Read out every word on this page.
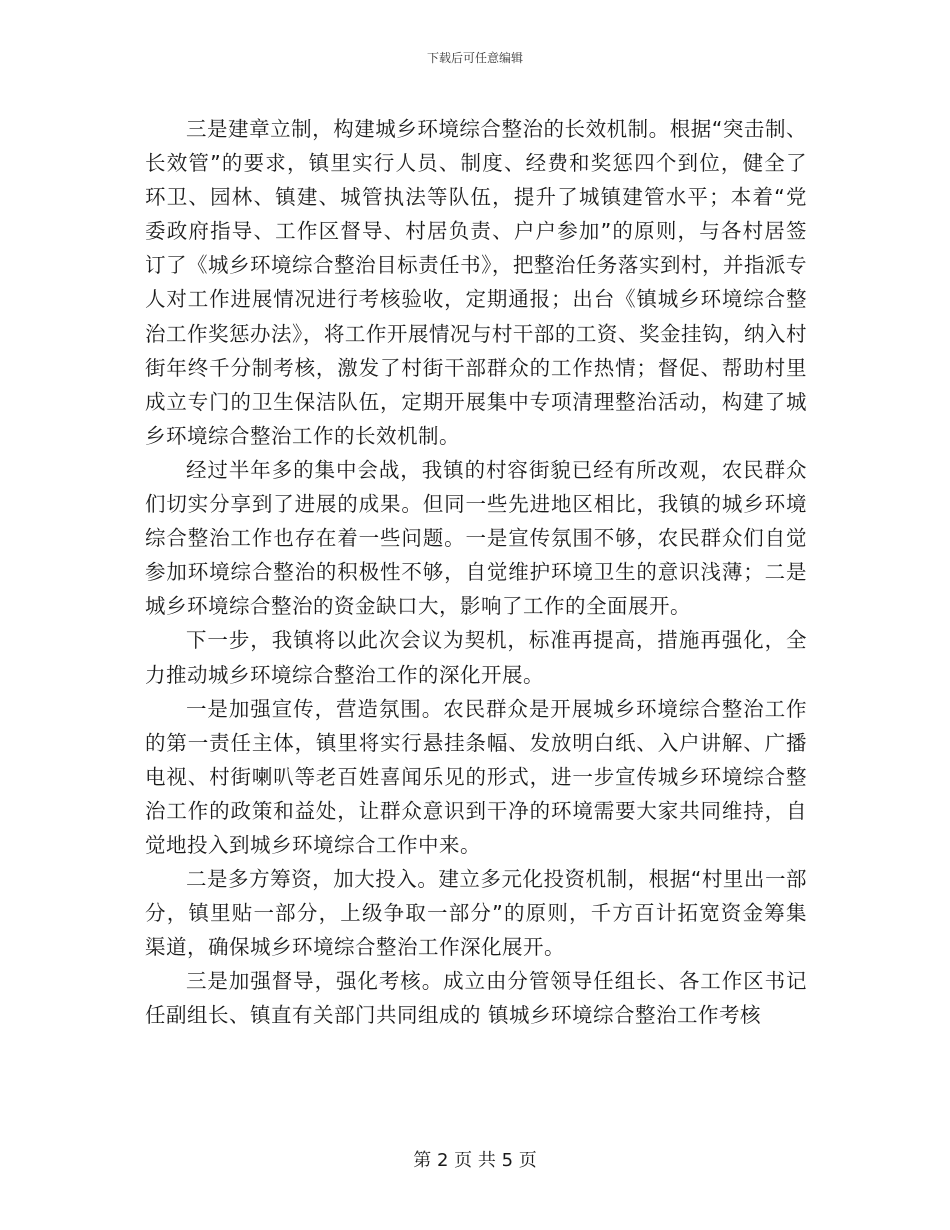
下载后可任意编辑

三是建章立制，构建城乡环境综合整治的长效机制。根据“突击制、长效管”的要求，镇里实行人员、制度、经费和奖惩四个到位，健全了环卫、园林、镇建、城管执法等队伍，提升了城镇建管水平；本着“党委政府指导、工作区督导、村居负责、户户参加”的原则，与各村居签订了《城乡环境综合整治目标责任书》，把整治任务落实到村，并指派专人对工作进展情况进行考核验收，定期通报；出台《镇城乡环境综合整治工作奖惩办法》，将工作开展情况与村干部的工资、奖金挂钩，纳入村街年终千分制考核，激发了村街干部群众的工作热情；督促、帮助村里成立专门的卫生保洁队伍，定期开展集中专项清理整治活动，构建了城乡环境综合整治工作的长效机制。

经过半年多的集中会战，我镇的村容街貌已经有所改观，农民群众们切实分享到了进展的成果。但同一些先进地区相比，我镇的城乡环境综合整治工作也存在着一些问题。一是宣传氛围不够，农民群众们自觉参加环境综合整治的积极性不够，自觉维护环境卫生的意识浅薄；二是城乡环境综合整治的资金缺口大，影响了工作的全面展开。

下一步，我镇将以此次会议为契机，标准再提高，措施再强化，全力推动城乡环境综合整治工作的深化开展。

一是加强宣传，营造氛围。农民群众是开展城乡环境综合整治工作的第一责任主体，镇里将实行悬挂条幅、发放明白纸、入户讲解、广播电视、村街喇叭等老百姓喜闻乐见的形式，进一步宣传城乡环境综合整治工作的政策和益处，让群众意识到干净的环境需要大家共同维持，自觉地投入到城乡环境综合工作中来。

二是多方筹资，加大投入。建立多元化投资机制，根据“村里出一部分，镇里贴一部分，上级争取一部分”的原则，千方百计拓宽资金筹集渠道，确保城乡环境综合整治工作深化展开。

三是加强督导，强化考核。成立由分管领导任组长、各工作区书记任副组长、镇直有关部门共同组成的 镇城乡环境综合整治工作考核

第 2 页 共 5 页
